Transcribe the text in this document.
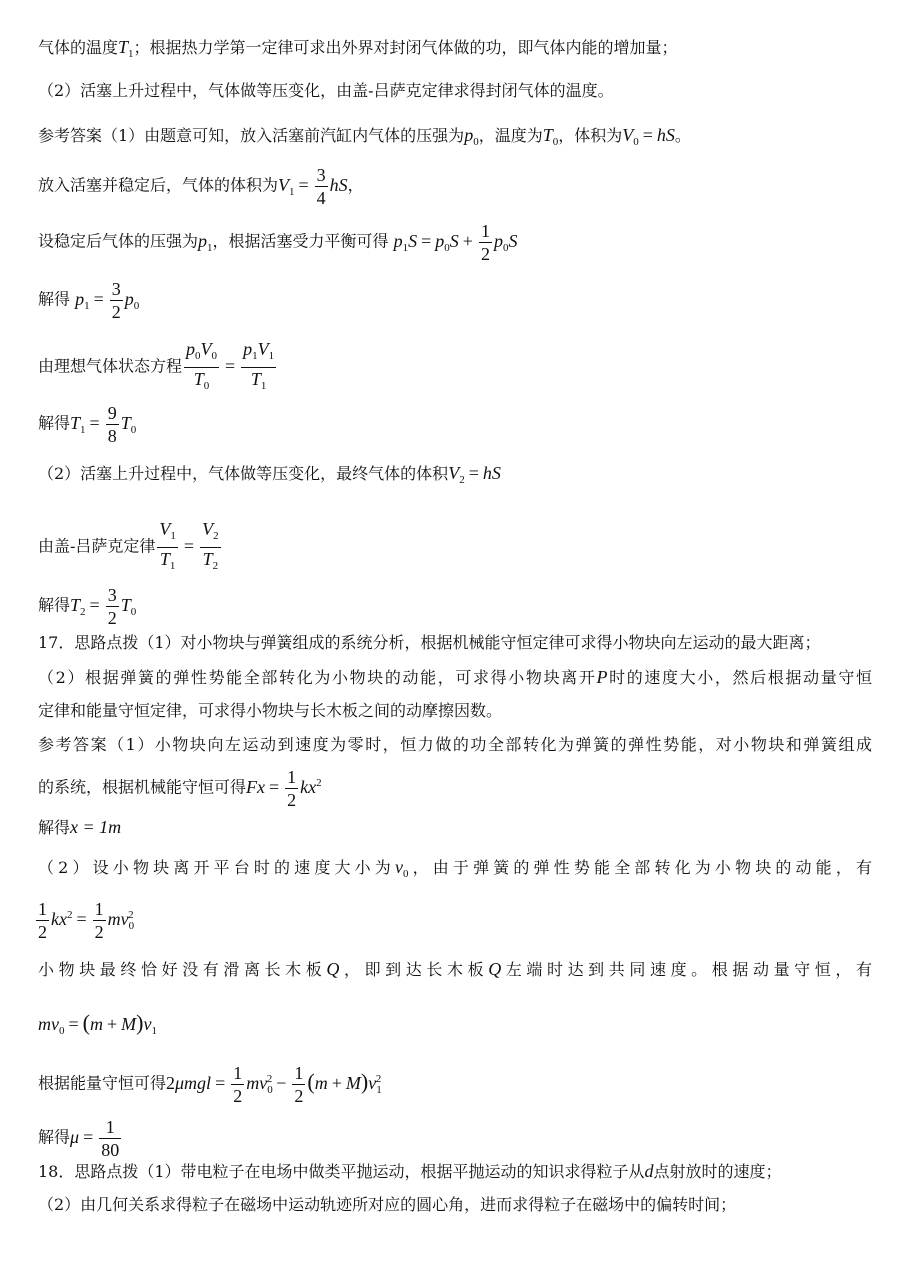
气体的温度$T_1$；根据热力学第一定律可求出外界对封闭气体做的功，即气体内能的增加量；
（2）活塞上升过程中，气体做等压变化，由盖-吕萨克定律求得封闭气体的温度。
参考答案（1）由题意可知，放入活塞前汽缸内气体的压强为$p_0$，温度为$T_0$，体积为$V_0$ = hS。
放入活塞并稳定后，气体的体积为$V_1 = \frac{3}{4}$ hS，
设稳定后气体的压强为$p_1$，根据活塞受力平衡可得 $p_1S = p_0S + \frac{1}{2} p_0S$
解得 $p_1 = \frac{3}{2} p_0$
由理想气体状态方程 $\frac{p_0V_0}{T_0} = \frac{p_1V_1}{T_1}$
解得$T_1 = \frac{9}{8} T_0$
（2）活塞上升过程中，气体做等压变化，最终气体的体积$V_2$ = hS
由盖-吕萨克定律 $\frac{V_1}{T_1} = \frac{V_2}{T_2}$
解得$T_2 = \frac{3}{2} T_0$
17．思路点拨（1）对小物块与弹簧组成的系统分析，根据机械能守恒定律可求得小物块向左运动的最大距离；
（2）根据弹簧的弹性势能全部转化为小物块的动能，可求得小物块离开P时的速度大小，然后根据动量守恒
定律和能量守恒定律，可求得小物块与长木板之间的动摩擦因数。
参考答案（1）小物块向左运动到速度为零时，恒力做的功全部转化为弹簧的弹性势能，对小物块和弹簧组成
的系统，根据机械能守恒可得$Fx = \frac{1}{2} kx^2$
解得x = 1m
（2）设小物块离开平台时的速度大小为$v_0$，由于弹簧的弹性势能全部转化为小物块的动能，有
$\frac{1}{2} kx^2 = \frac{1}{2} mv_0^2$
小物块最终恰好没有滑离长木板Q，即到达长木板Q左端时达到共同速度。根据动量守恒，有
$mv_0 = (m + M)v_1$
根据能量守恒可得$2\mu mgl = \frac{1}{2} mv_0^2 - \frac{1}{2} (m + M)v_1^2$
解得$\mu = \frac{1}{80}$
18．思路点拨（1）带电粒子在电场中做类平抛运动，根据平抛运动的知识求得粒子从d点射放时的速度；
（2）由几何关系求得粒子在磁场中运动轨迹所对应的圆心角，进而求得粒子在磁场中的偏转时间；
